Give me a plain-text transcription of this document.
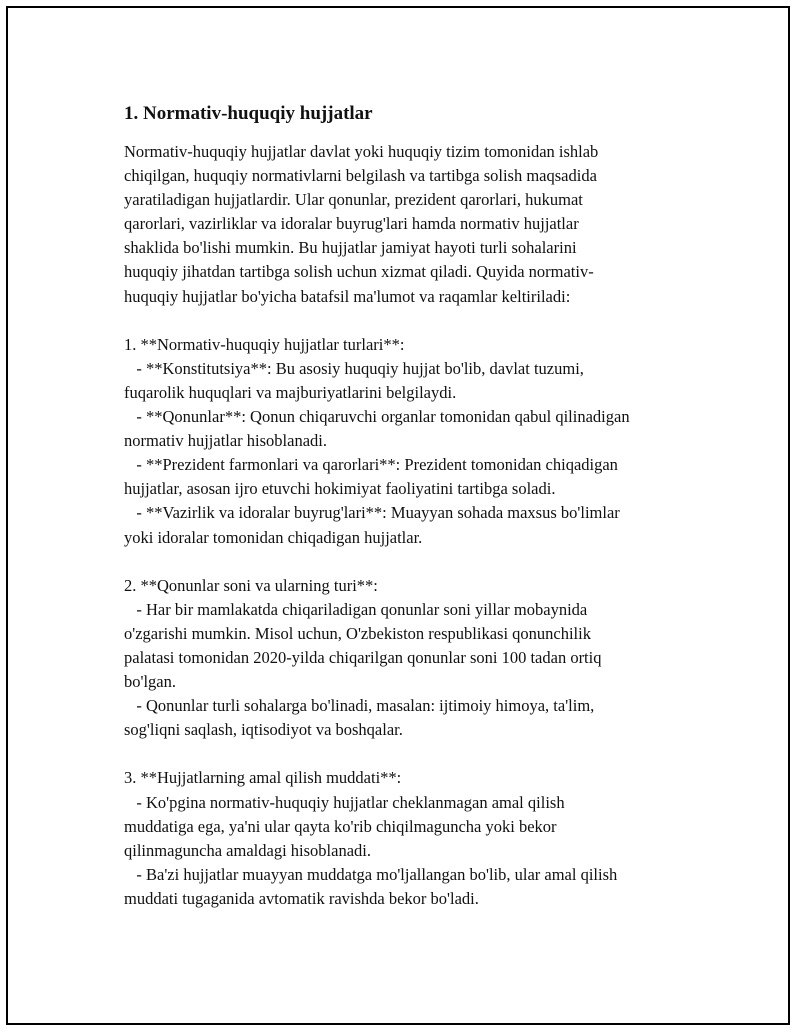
1. Normativ-huquqiy hujjatlar

Normativ-huquqiy hujjatlar davlat yoki huquqiy tizim tomonidan ishlab
chiqilgan, huquqiy normativlarni belgilash va tartibga solish maqsadida
yaratiladigan hujjatlardir. Ular qonunlar, prezident qarorlari, hukumat
qarorlari, vazirliklar va idoralar buyrug'lari hamda normativ hujjatlar
shaklida bo'lishi mumkin. Bu hujjatlar jamiyat hayoti turli sohalarini
huquqiy jihatdan tartibga solish uchun xizmat qiladi. Quyida normativ-
huquqiy hujjatlar bo'yicha batafsil ma'lumot va raqamlar keltiriladi:

1. **Normativ-huquqiy hujjatlar turlari**:
- **Konstitutsiya**: Bu asosiy huquqiy hujjat bo'lib, davlat tuzumi,
fuqarolik huquqlari va majburiyatlarini belgilaydi.
- **Qonunlar**: Qonun chiqaruvchi organlar tomonidan qabul qilinadigan
normativ hujjatlar hisoblanadi.
- **Prezident farmonlari va qarorlari**: Prezident tomonidan chiqadigan
hujjatlar, asosan ijro etuvchi hokimiyat faoliyatini tartibga soladi.
- **Vazirlik va idoralar buyrug'lari**: Muayyan sohada maxsus bo'limlar
yoki idoralar tomonidan chiqadigan hujjatlar.

2. **Qonunlar soni va ularning turi**:
- Har bir mamlakatda chiqariladigan qonunlar soni yillar mobaynida
o'zgarishi mumkin. Misol uchun, O'zbekiston respublikasi qonunchilik
palatasi tomonidan 2020-yilda chiqarilgan qonunlar soni 100 tadan ortiq
bo'lgan.
- Qonunlar turli sohalarga bo'linadi, masalan: ijtimoiy himoya, ta'lim,
sog'liqni saqlash, iqtisodiyot va boshqalar.

3. **Hujjatlarning amal qilish muddati**:
- Ko'pgina normativ-huquqiy hujjatlar cheklanmagan amal qilish
muddatiga ega, ya'ni ular qayta ko'rib chiqilmaguncha yoki bekor
qilinmaguncha amaldagi hisoblanadi.
- Ba'zi hujjatlar muayyan muddatga mo'ljallangan bo'lib, ular amal qilish
muddati tugaganida avtomatik ravishda bekor bo'ladi.
